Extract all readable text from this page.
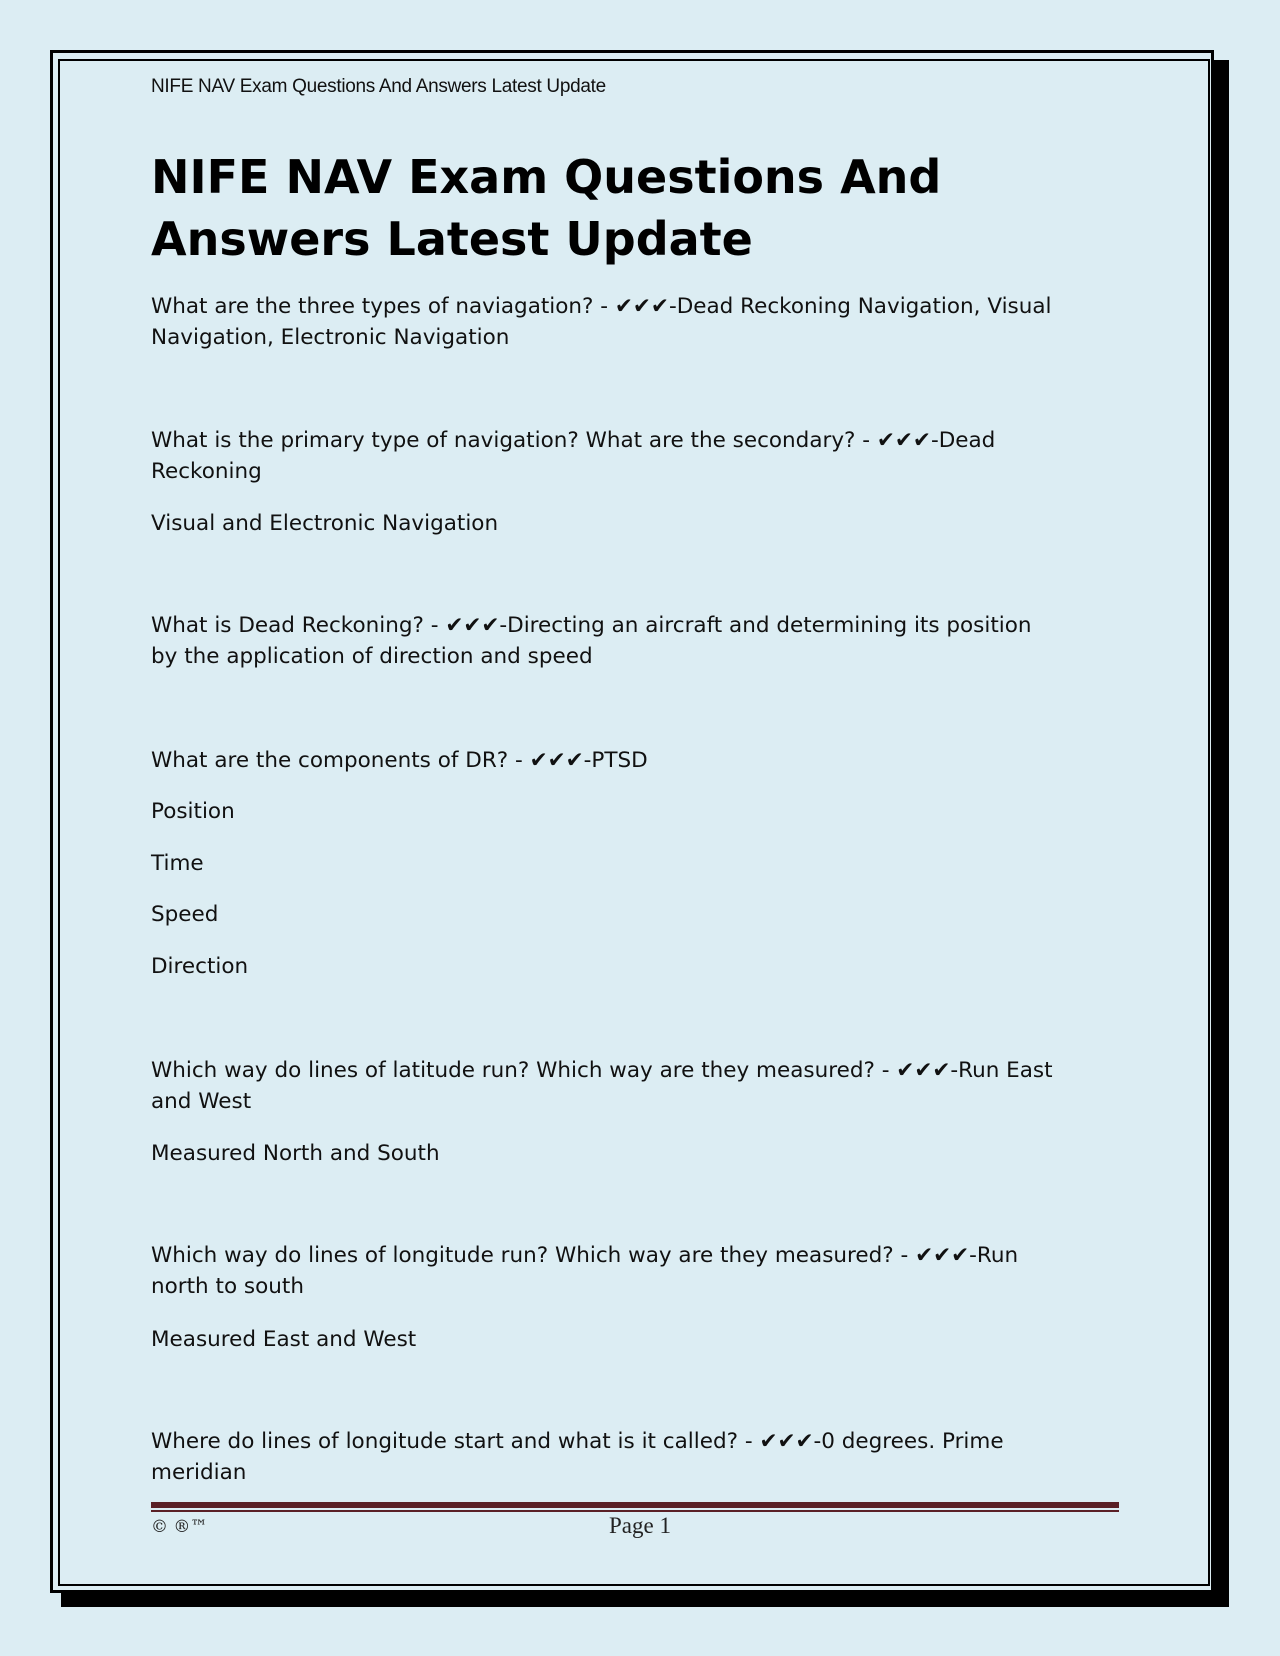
NIFE NAV Exam Questions And Answers Latest Update
NIFE NAV Exam Questions And
Answers Latest Update

What are the three types of naviagation? - ✔✔✔-Dead Reckoning Navigation, Visual
Navigation, Electronic Navigation

What is the primary type of navigation? What are the secondary? - ✔✔✔-Dead
Reckoning

Visual and Electronic Navigation

What is Dead Reckoning? - ✔✔✔-Directing an aircraft and determining its position
by the application of direction and speed

What are the components of DR? - ✔✔✔-PTSD

Position

Time

Speed

Direction

Which way do lines of latitude run? Which way are they measured? - ✔✔✔-Run East
and West

Measured North and South

Which way do lines of longitude run? Which way are they measured? - ✔✔✔-Run
north to south

Measured East and West

Where do lines of longitude start and what is it called? - ✔✔✔-0 degrees. Prime
meridian

© ®™	Page 1
